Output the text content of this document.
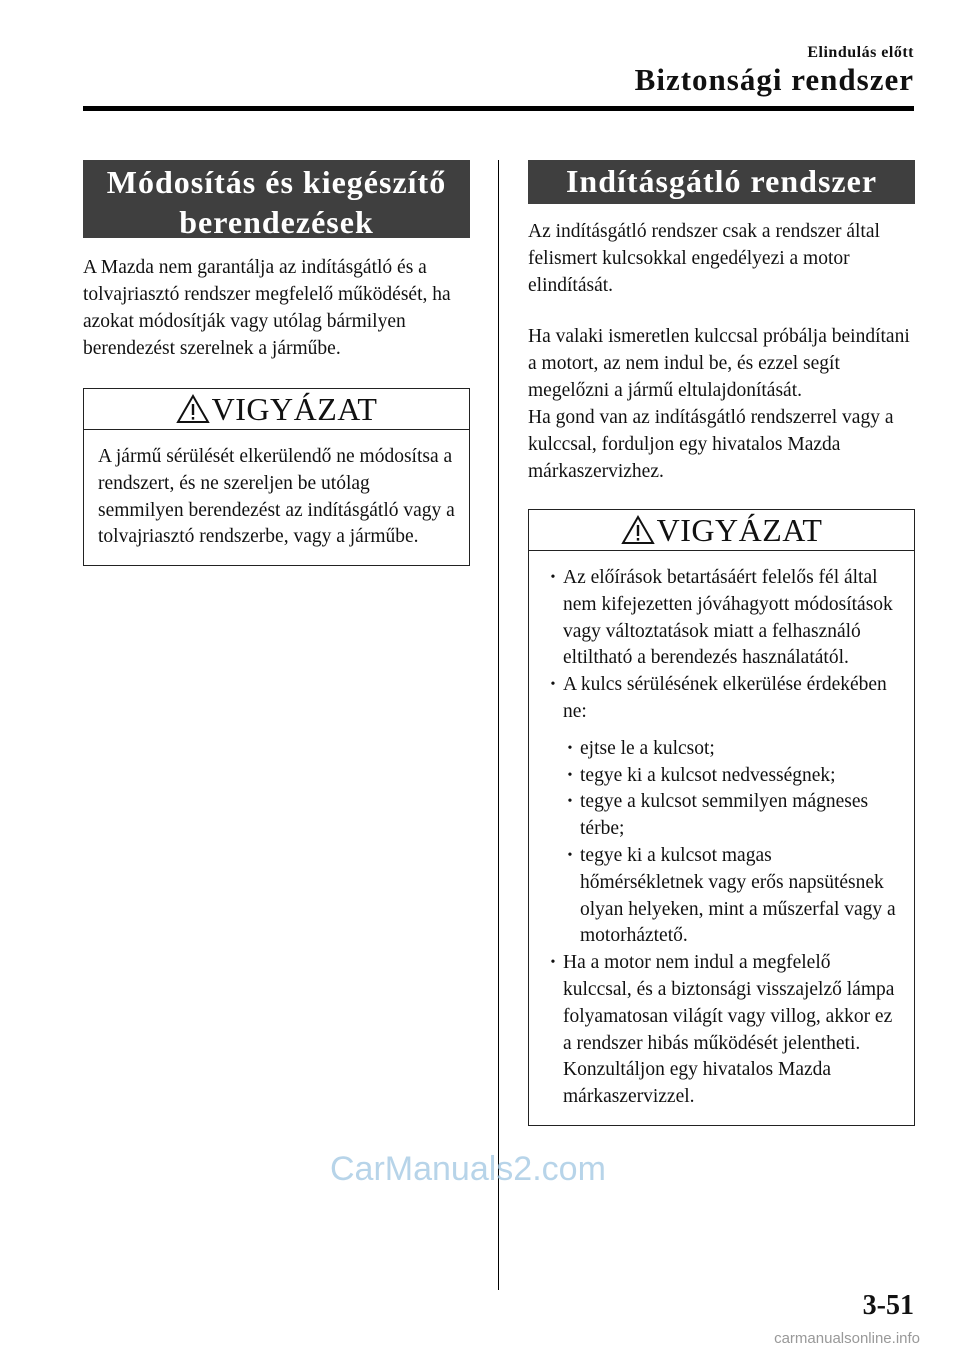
Elindulás előtt
Biztonsági rendszer
Módosítás és kiegészítő berendezések

A Mazda nem garantálja az indításgátló és a tolvajriasztó rendszer megfelelő működését, ha azokat módosítják vagy utólag bármilyen berendezést szerelnek a járműbe.

VIGYÁZAT

A jármű sérülését elkerülendő ne módosítsa a rendszert, és ne szereljen be utólag semmilyen berendezést az indításgátló vagy a tolvajriasztó rendszerbe, vagy a járműbe.

Indításgátló rendszer

Az indításgátló rendszer csak a rendszer által felismert kulcsokkal engedélyezi a motor elindítását.

Ha valaki ismeretlen kulccsal próbálja beindítani a motort, az nem indul be, és ezzel segít megelőzni a jármű eltulajdonítását.

Ha gond van az indításgátló rendszerrel vagy a kulccsal, forduljon egy hivatalos Mazda márkaszervizhez.

VIGYÁZAT
• Az előírások betartásáért felelős fél által nem kifejezetten jóváhagyott módosítások vagy változtatások miatt a felhasználó eltiltható a berendezés használatától.
• A kulcs sérülésének elkerülése érdekében ne:
• ejtse le a kulcsot;
• tegye ki a kulcsot nedvességnek;
• tegye a kulcsot semmilyen mágneses térbe;
• tegye ki a kulcsot magas hőmérsékletnek vagy erős napsütésnek olyan helyeken, mint a műszerfal vagy a motorháztető.
• Ha a motor nem indul a megfelelő kulccsal, és a biztonsági visszajelző lámpa folyamatosan világít vagy villog, akkor ez a rendszer hibás működését jelentheti. Konzultáljon egy hivatalos Mazda márkaszervizzel.
CarManuals2.com
3-51
carmanualsonline.info
